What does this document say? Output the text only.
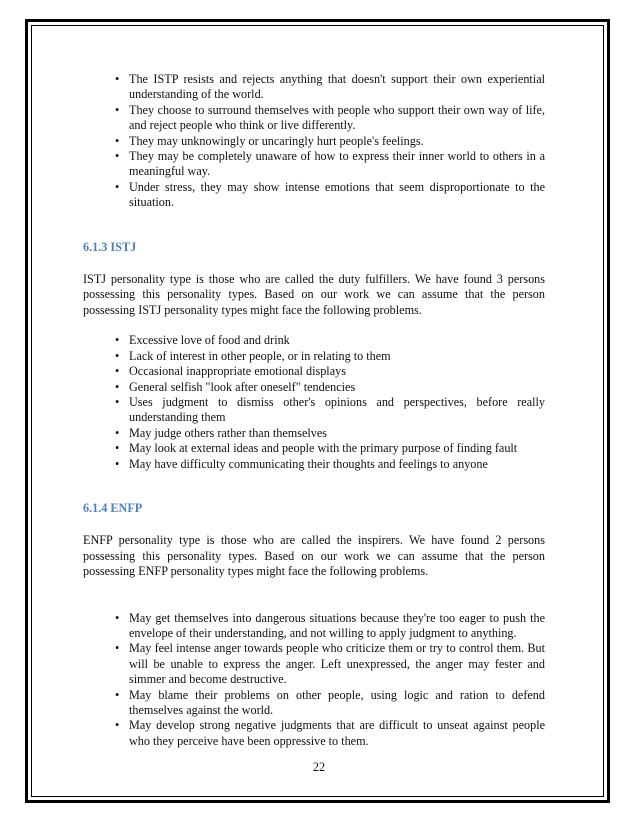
• The ISTP resists and rejects anything that doesn't support their own experiential understanding of the world.
• They choose to surround themselves with people who support their own way of life, and reject people who think or live differently.
• They may unknowingly or uncaringly hurt people's feelings.
• They may be completely unaware of how to express their inner world to others in a meaningful way.
• Under stress, they may show intense emotions that seem disproportionate to the situation.
6.1.3 ISTJ

ISTJ personality type is those who are called the duty fulfillers. We have found 3 persons possessing this personality types. Based on our work we can assume that the person possessing ISTJ personality types might face the following problems.

• Excessive love of food and drink
• Lack of interest in other people, or in relating to them
• Occasional inappropriate emotional displays
• General selfish "look after oneself" tendencies
• Uses judgment to dismiss other's opinions and perspectives, before really understanding them
• May judge others rather than themselves
• May look at external ideas and people with the primary purpose of finding fault
• May have difficulty communicating their thoughts and feelings to anyone
6.1.4 ENFP

ENFP personality type is those who are called the inspirers. We have found 2 persons possessing this personality types. Based on our work we can assume that the person possessing ENFP personality types might face the following problems.

• May get themselves into dangerous situations because they're too eager to push the envelope of their understanding, and not willing to apply judgment to anything.
• May feel intense anger towards people who criticize them or try to control them. But will be unable to express the anger. Left unexpressed, the anger may fester and simmer and become destructive.
• May blame their problems on other people, using logic and ration to defend themselves against the world.
• May develop strong negative judgments that are difficult to unseat against people who they perceive have been oppressive to them.
22
